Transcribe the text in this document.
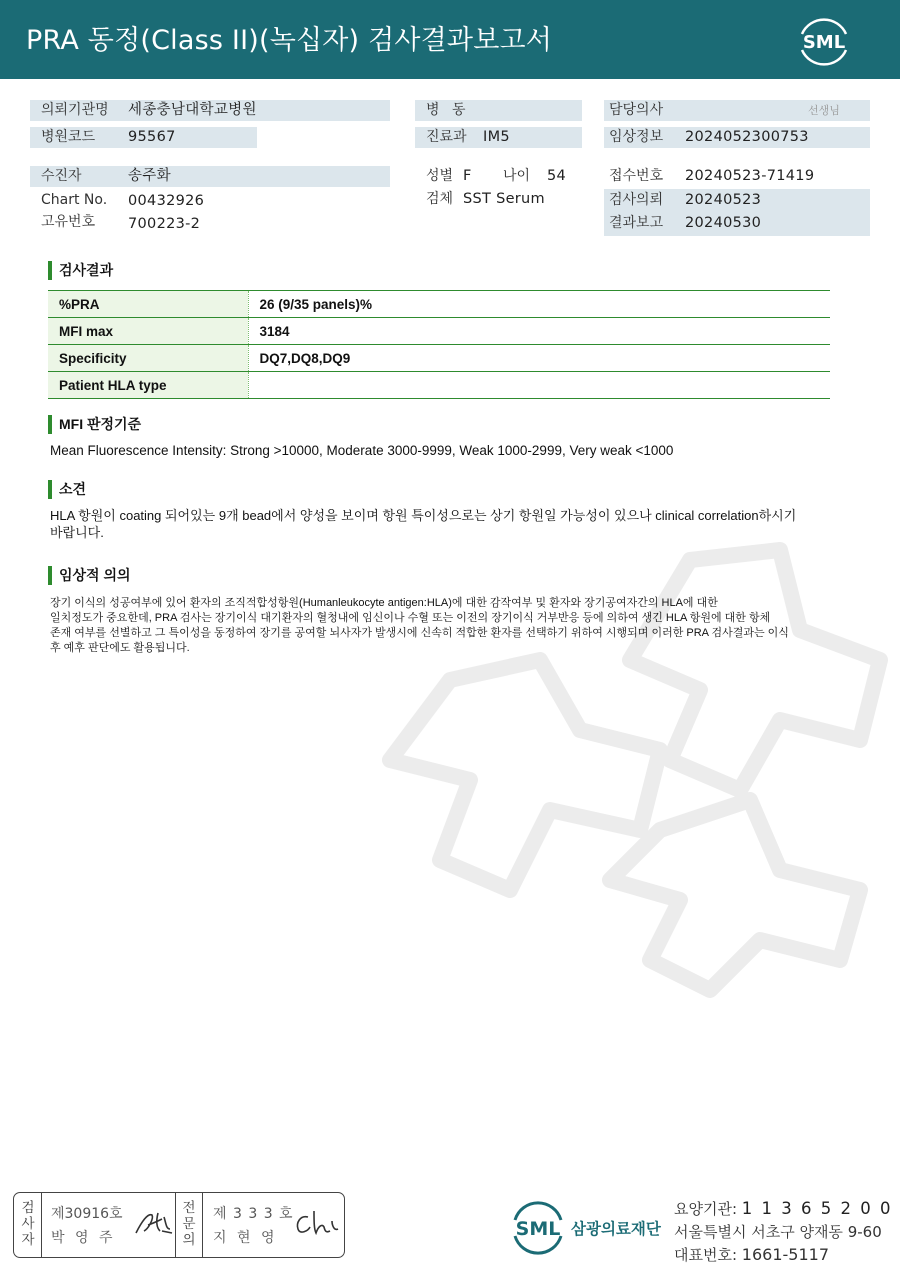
PRA 동정(Class II)(녹십자) 검사결과보고서	SML
의뢰기관명 세종충남대학교병원
병원코드 95567
병 동
진료과 IM5
담당의사	선생님
임상정보 2024052300753
수진자	송주화
Chart No. 00432926
고유번호 700223-2
성별 F 나이 54
검체 SST Serum
접수번호 20240523-71419
검사의뢰 20240523
결과보고 20240530
검사결과
%PRA	26 (9/35 panels)%
MFI max	3184
Specificity	DQ7,DQ8,DQ9
Patient HLA type	
MFI 판정기준
Mean Fluorescence Intensity: Strong >10000, Moderate 3000-9999, Weak 1000-2999, Very weak <1000
소견
HLA 항원이 coating 되어있는 9개 bead에서 양성을 보이며 항원 특이성으로는 상기 항원일 가능성이 있으나 clinical correlation하시기
바랍니다.
임상적 의의
장기 이식의 성공여부에 있어 환자의 조직적합성항원(Humanleukocyte antigen:HLA)에 대한 감작여부 및 환자와 장기공여자간의 HLA에 대한
일치정도가 중요한데, PRA 검사는 장기이식 대기환자의 혈청내에 임신이나 수혈 또는 이전의 장기이식 거부반응 등에 의하여 생긴 HLA 항원에 대한 항체
존재 여부를 선별하고 그 특이성을 동정하여 장기를 공여할 뇌사자가 발생시에 신속히 적합한 환자를 선택하기 위하여 시행되며 이러한 PRA 검사결과는 이식
후 예후 판단에도 활용됩니다.
검
사
자
제30916호
박 영 주
전
문
의
제 3 3 3 호
지 현 영	SML 삼광의료재단
요양기관: 1 1 3 6 5 2 0 0
서울특별시 서초구 양재동 9-60
대표번호: 1661-5117
